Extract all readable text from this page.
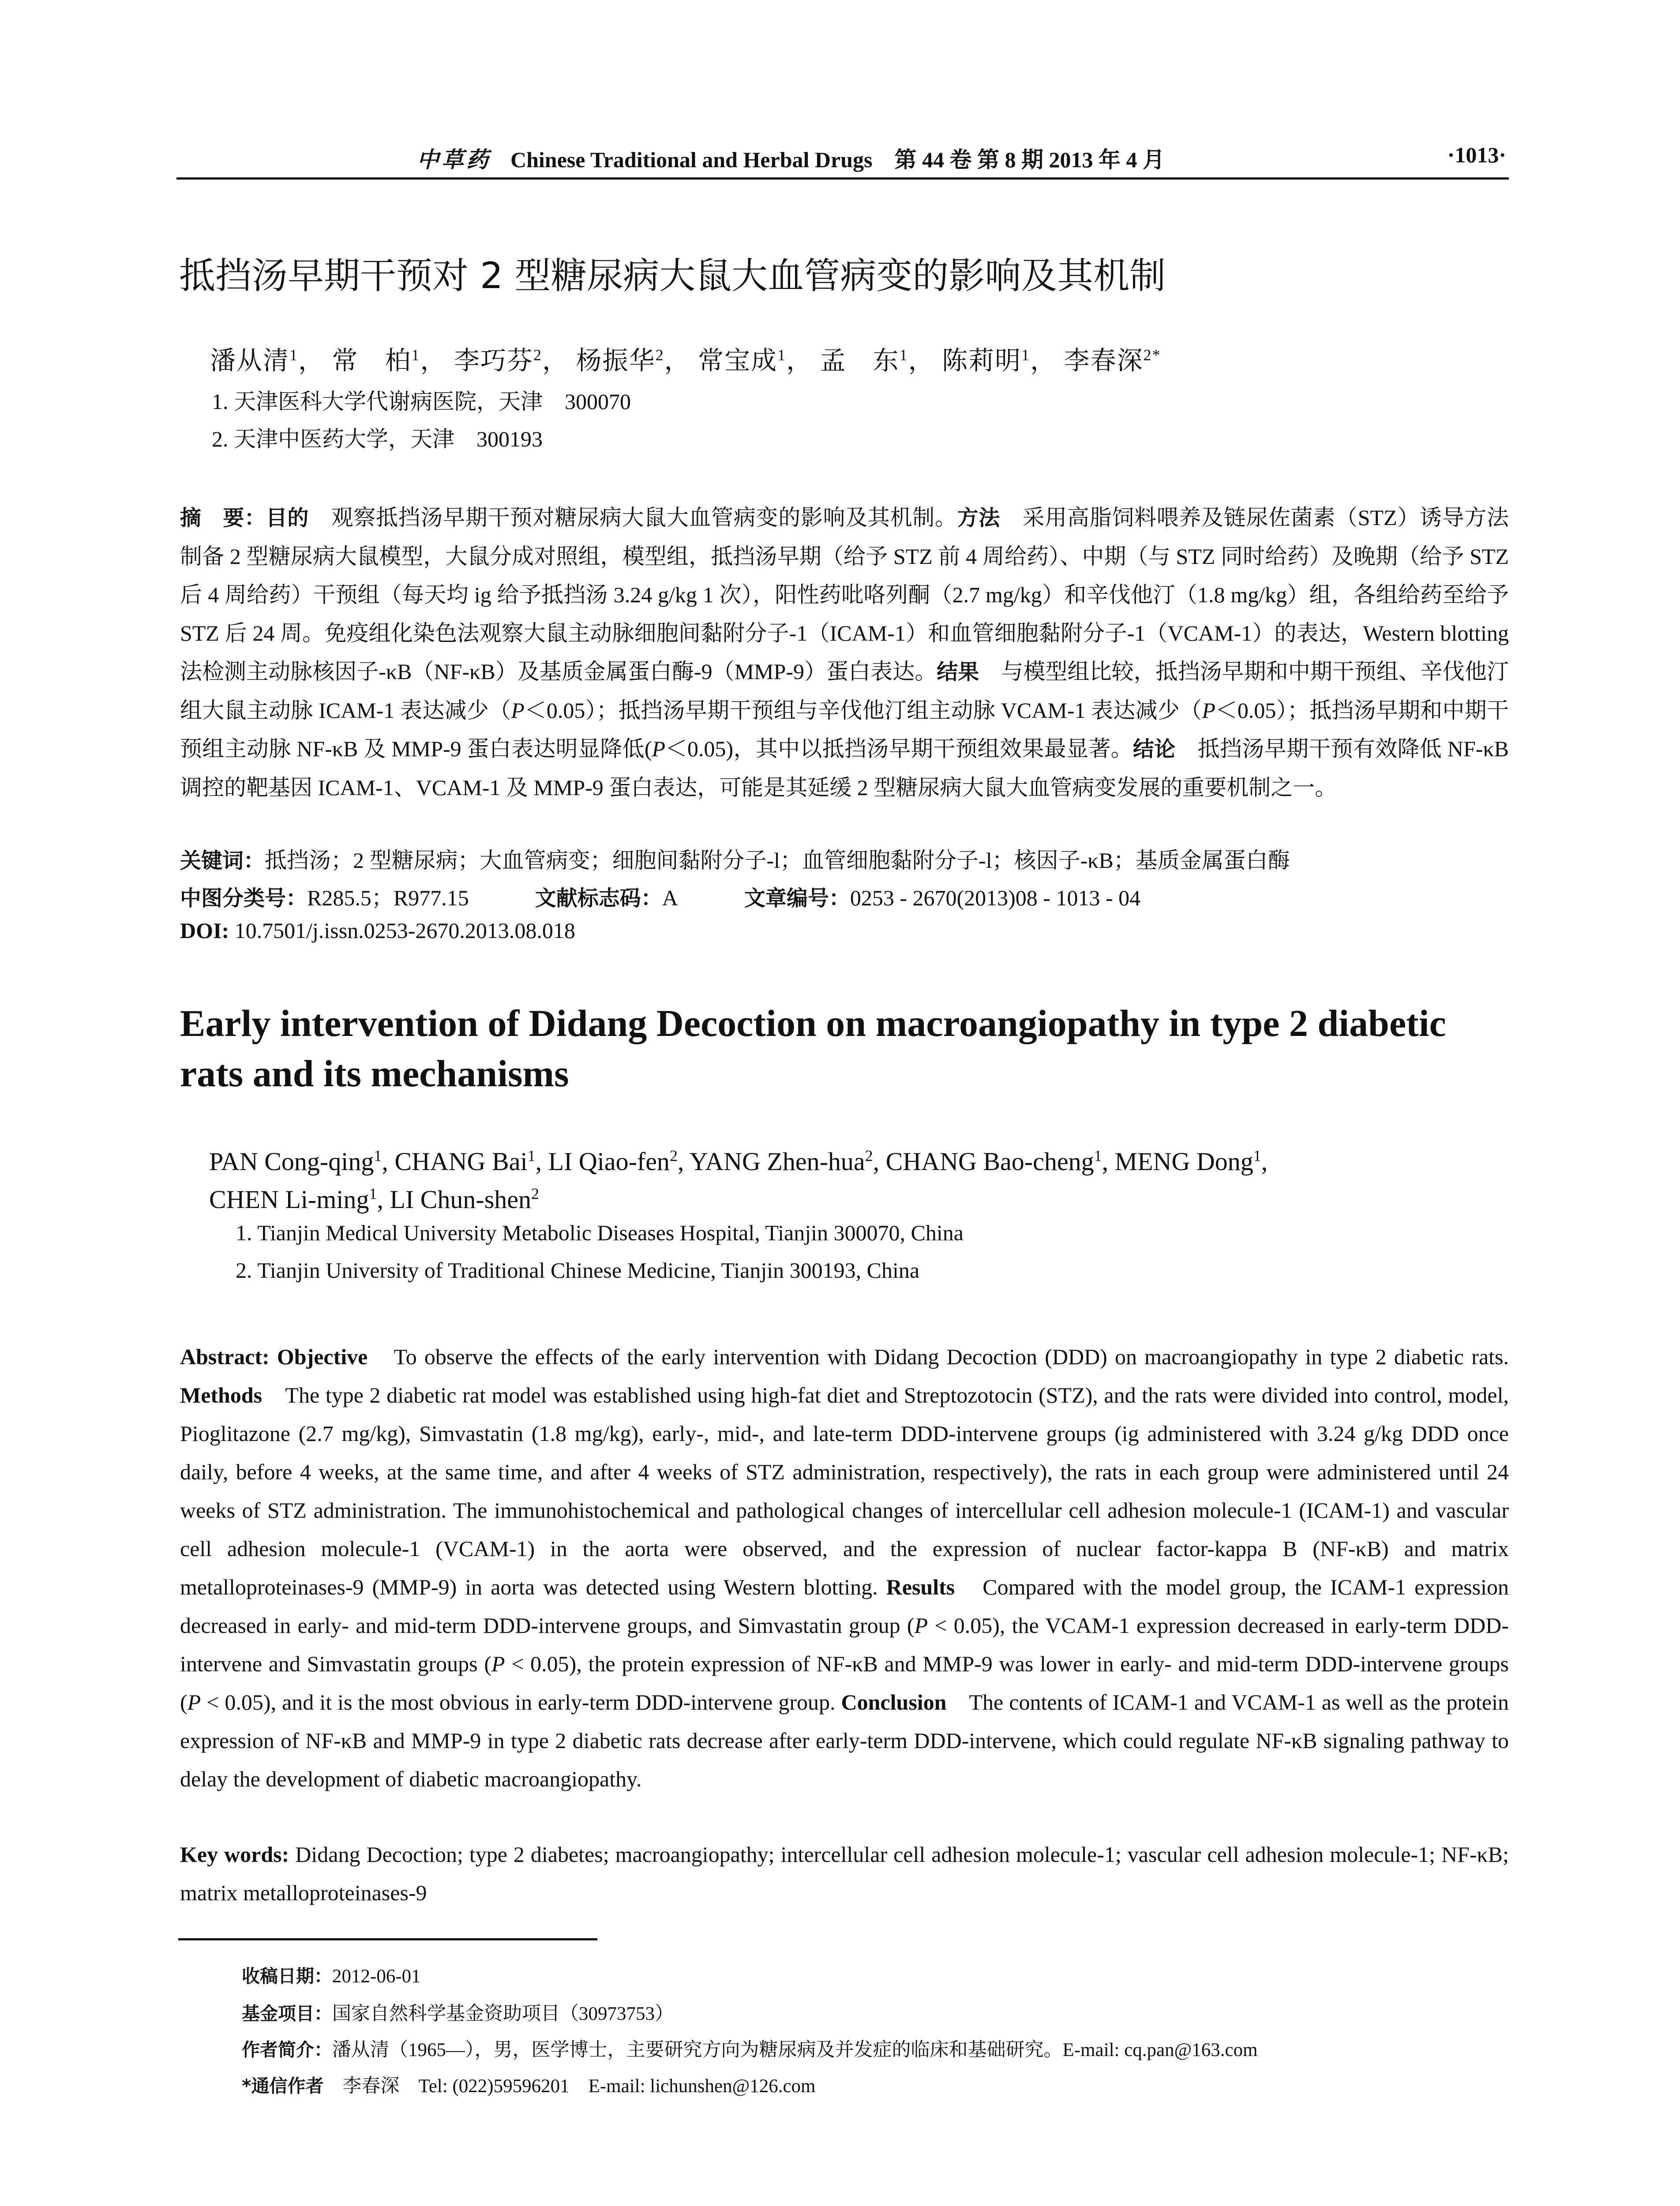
中草药 Chinese Traditional and Herbal Drugs　第 44 卷 第 8 期 2013 年 4 月	·1013·
抵挡汤早期干预对 2 型糖尿病大鼠大血管病变的影响及其机制
潘从清$^1$， 常　柏$^1$， 李巧芬$^2$， 杨振华$^2$， 常宝成$^1$， 孟　东$^1$， 陈莉明$^1$， 李春深$^{2*}$
1. 天津医科大学代谢病医院，天津　300070
2. 天津中医药大学，天津　300193
摘　要：目的　观察抵挡汤早期干预对糖尿病大鼠大血管病变的影响及其机制。方法　采用高脂饲料喂养及链尿佐菌素（STZ）诱导方法制备 2 型糖尿病大鼠模型，大鼠分成对照组，模型组，抵挡汤早期（给予 STZ 前 4 周给药）、中期（与 STZ 同时给药）及晚期（给予 STZ 后 4 周给药）干预组（每天均 ig 给予抵挡汤 3.24 g/kg 1 次），阳性药吡咯列酮（2.7 mg/kg）和辛伐他汀（1.8 mg/kg）组，各组给药至给予 STZ 后 24 周。免疫组化染色法观察大鼠主动脉细胞间黏附分子-1（ICAM-1）和血管细胞黏附分子-1（VCAM-1）的表达，Western blotting 法检测主动脉核因子-κB（NF-κB）及基质金属蛋白酶-9（MMP-9）蛋白表达。结果　与模型组比较，抵挡汤早期和中期干预组、辛伐他汀组大鼠主动脉 ICAM-1 表达减少（P＜0.05）；抵挡汤早期干预组与辛伐他汀组主动脉 VCAM-1 表达减少（P＜0.05）；抵挡汤早期和中期干预组主动脉 NF-κB 及 MMP-9 蛋白表达明显降低(P＜0.05)，其中以抵挡汤早期干预组效果最显著。结论　抵挡汤早期干预有效降低 NF-κB 调控的靶基因 ICAM-1、VCAM-1 及 MMP-9 蛋白表达，可能是其延缓 2 型糖尿病大鼠大血管病变发展的重要机制之一。
关键词：抵挡汤；2 型糖尿病；大血管病变；细胞间黏附分子-l；血管细胞黏附分子-l；核因子-κB；基质金属蛋白酶
中图分类号：R285.5；R977.15	文献标志码：A	文章编号：0253 - 2670(2013)08 - 1013 - 04
DOI: 10.7501/j.issn.0253-2670.2013.08.018
Early intervention of Didang Decoction on macroangiopathy in type 2 diabetic rats and its mechanisms
PAN Cong-qing$^1$, CHANG Bai$^1$, LI Qiao-fen$^2$, YANG Zhen-hua$^2$, CHANG Bao-cheng$^1$, MENG Dong$^1$,
CHEN Li-ming$^1$, LI Chun-shen$^2$
1. Tianjin Medical University Metabolic Diseases Hospital, Tianjin 300070, China
2. Tianjin University of Traditional Chinese Medicine, Tianjin 300193, China
Abstract: Objective　To observe the effects of the early intervention with Didang Decoction (DDD) on macroangiopathy in type 2 diabetic rats. Methods　The type 2 diabetic rat model was established using high-fat diet and Streptozotocin (STZ), and the rats were divided into control, model, Pioglitazone (2.7 mg/kg), Simvastatin (1.8 mg/kg), early-, mid-, and late-term DDD-intervene groups (ig administered with 3.24 g/kg DDD once daily, before 4 weeks, at the same time, and after 4 weeks of STZ administration, respectively), the rats in each group were administered until 24 weeks of STZ administration. The immunohistochemical and pathological changes of intercellular cell adhesion molecule-1 (ICAM-1) and vascular cell adhesion molecule-1 (VCAM-1) in the aorta were observed, and the expression of nuclear factor-kappa B (NF-κB) and matrix metalloproteinases-9 (MMP-9) in aorta was detected using Western blotting. Results　Compared with the model group, the ICAM-1 expression decreased in early- and mid-term DDD-intervene groups, and Simvastatin group (P < 0.05), the VCAM-1 expression decreased in early-term DDD-intervene and Simvastatin groups (P < 0.05), the protein expression of NF-κB and MMP-9 was lower in early- and mid-term DDD-intervene groups (P < 0.05), and it is the most obvious in early-term DDD-intervene group. Conclusion　The contents of ICAM-1 and VCAM-1 as well as the protein expression of NF-κB and MMP-9 in type 2 diabetic rats decrease after early-term DDD-intervene, which could regulate NF-κB signaling pathway to delay the development of diabetic macroangiopathy.
Key words: Didang Decoction; type 2 diabetes; macroangiopathy; intercellular cell adhesion molecule-1; vascular cell adhesion molecule-1; NF-κB; matrix metalloproteinases-9
收稿日期：2012-06-01
基金项目：国家自然科学基金资助项目（30973753）
作者简介：潘从清（1965—），男，医学博士，主要研究方向为糖尿病及并发症的临床和基础研究。E-mail: cq.pan@163.com
*通信作者　李春深　Tel: (022)59596201　E-mail: lichunshen@126.com
